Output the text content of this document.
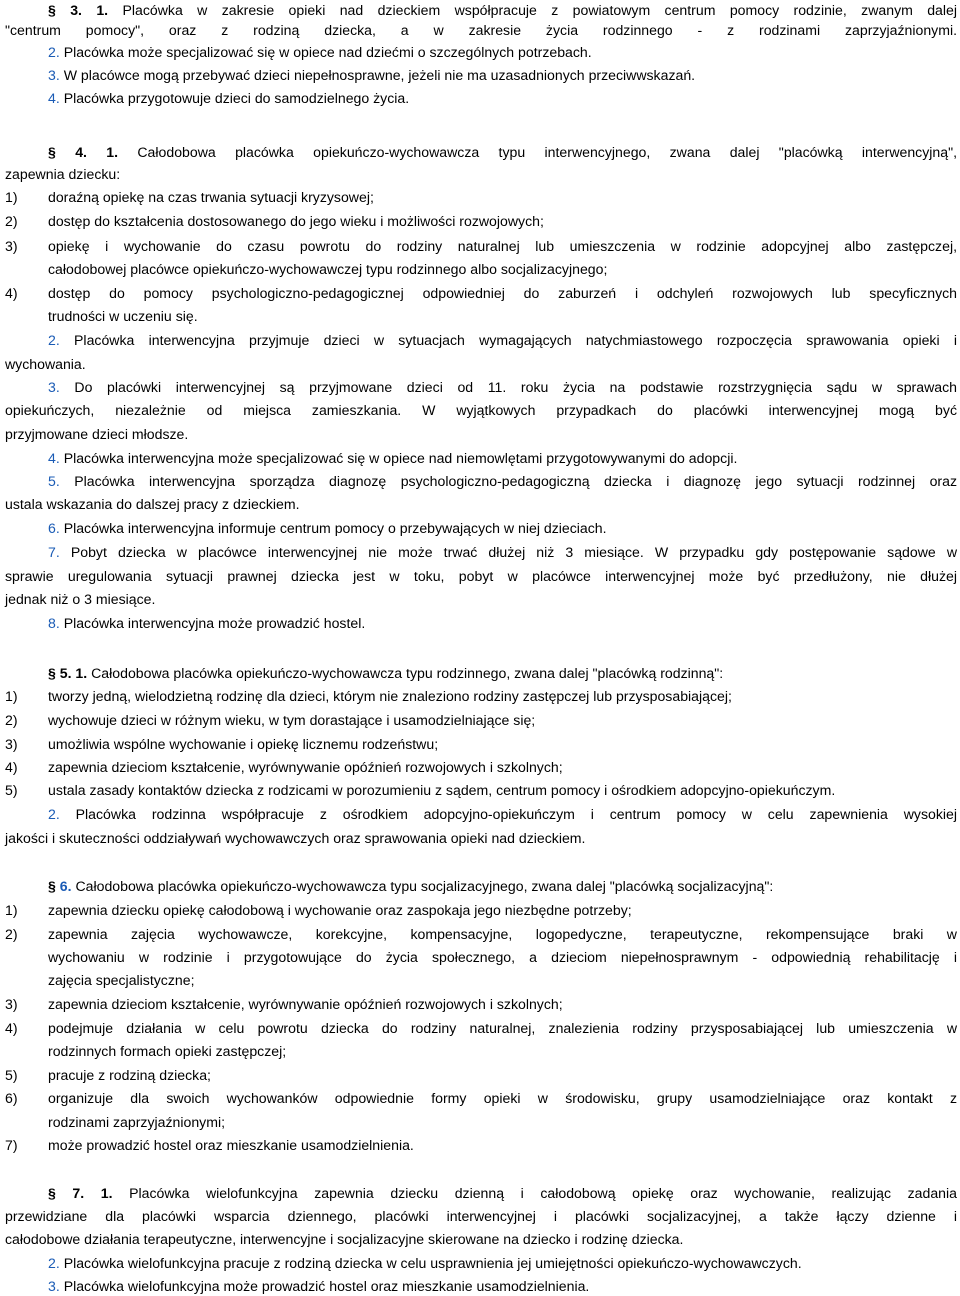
§ 3. 1. Placówka w zakresie opieki nad dzieckiem współpracuje z powiatowym centrum pomocy rodzinie, zwanym dalej
"centrum pomocy", oraz z rodziną dziecka, a w zakresie życia rodzinnego - z rodzinami zaprzyjaźnionymi.
2. Placówka może specjalizować się w opiece nad dziećmi o szczególnych potrzebach.
3. W placówce mogą przebywać dzieci niepełnosprawne, jeżeli nie ma uzasadnionych przeciwwskazań.
4. Placówka przygotowuje dzieci do samodzielnego życia.
§ 4. 1. Całodobowa placówka opiekuńczo-wychowawcza typu interwencyjnego, zwana dalej "placówką interwencyjną",
zapewnia dziecku:
1) doraźną opiekę na czas trwania sytuacji kryzysowej;
2) dostęp do kształcenia dostosowanego do jego wieku i możliwości rozwojowych;
3) opiekę i wychowanie do czasu powrotu do rodziny naturalnej lub umieszczenia w rodzinie adopcyjnej albo zastępczej,
całodobowej placówce opiekuńczo-wychowawczej typu rodzinnego albo socjalizacyjnego;
4) dostęp do pomocy psychologiczno-pedagogicznej odpowiedniej do zaburzeń i odchyleń rozwojowych lub specyficznych
trudności w uczeniu się.
2. Placówka interwencyjna przyjmuje dzieci w sytuacjach wymagających natychmiastowego rozpoczęcia sprawowania opieki i
wychowania.
3. Do placówki interwencyjnej są przyjmowane dzieci od 11. roku życia na podstawie rozstrzygnięcia sądu w sprawach
opiekuńczych, niezależnie od miejsca zamieszkania. W wyjątkowych przypadkach do placówki interwencyjnej mogą być
przyjmowane dzieci młodsze.
4. Placówka interwencyjna może specjalizować się w opiece nad niemowlętami przygotowywanymi do adopcji.
5. Placówka interwencyjna sporządza diagnozę psychologiczno-pedagogiczną dziecka i diagnozę jego sytuacji rodzinnej oraz
ustala wskazania do dalszej pracy z dzieckiem.
6. Placówka interwencyjna informuje centrum pomocy o przebywających w niej dzieciach.
7. Pobyt dziecka w placówce interwencyjnej nie może trwać dłużej niż 3 miesiące. W przypadku gdy postępowanie sądowe w
sprawie uregulowania sytuacji prawnej dziecka jest w toku, pobyt w placówce interwencyjnej może być przedłużony, nie dłużej
jednak niż o 3 miesiące.
8. Placówka interwencyjna może prowadzić hostel.
§ 5. 1. Całodobowa placówka opiekuńczo-wychowawcza typu rodzinnego, zwana dalej "placówką rodzinną":
1) tworzy jedną, wielodzietną rodzinę dla dzieci, którym nie znaleziono rodziny zastępczej lub przysposabiającej;
2) wychowuje dzieci w różnym wieku, w tym dorastające i usamodzielniające się;
3) umożliwia wspólne wychowanie i opiekę licznemu rodzeństwu;
4) zapewnia dzieciom kształcenie, wyrównywanie opóźnień rozwojowych i szkolnych;
5) ustala zasady kontaktów dziecka z rodzicami w porozumieniu z sądem, centrum pomocy i ośrodkiem adopcyjno-opiekuńczym.
2. Placówka rodzinna współpracuje z ośrodkiem adopcyjno-opiekuńczym i centrum pomocy w celu zapewnienia wysokiej
jakości i skuteczności oddziaływań wychowawczych oraz sprawowania opieki nad dzieckiem.
§ 6. Całodobowa placówka opiekuńczo-wychowawcza typu socjalizacyjnego, zwana dalej "placówką socjalizacyjną":
1) zapewnia dziecku opiekę całodobową i wychowanie oraz zaspokaja jego niezbędne potrzeby;
2) zapewnia zajęcia wychowawcze, korekcyjne, kompensacyjne, logopedyczne, terapeutyczne, rekompensujące braki w
wychowaniu w rodzinie i przygotowujące do życia społecznego, a dzieciom niepełnosprawnym - odpowiednią rehabilitację i
zajęcia specjalistyczne;
3) zapewnia dzieciom kształcenie, wyrównywanie opóźnień rozwojowych i szkolnych;
4) podejmuje działania w celu powrotu dziecka do rodziny naturalnej, znalezienia rodziny przysposabiającej lub umieszczenia w
rodzinnych formach opieki zastępczej;
5) pracuje z rodziną dziecka;
6) organizuje dla swoich wychowanków odpowiednie formy opieki w środowisku, grupy usamodzielniające oraz kontakt z
rodzinami zaprzyjaźnionymi;
7) może prowadzić hostel oraz mieszkanie usamodzielnienia.
§ 7. 1. Placówka wielofunkcyjna zapewnia dziecku dzienną i całodobową opiekę oraz wychowanie, realizując zadania
przewidziane dla placówki wsparcia dziennego, placówki interwencyjnej i placówki socjalizacyjnej, a także łączy dzienne i
całodobowe działania terapeutyczne, interwencyjne i socjalizacyjne skierowane na dziecko i rodzinę dziecka.
2. Placówka wielofunkcyjna pracuje z rodziną dziecka w celu usprawnienia jej umiejętności opiekuńczo-wychowawczych.
3. Placówka wielofunkcyjna może prowadzić hostel oraz mieszkanie usamodzielnienia.
